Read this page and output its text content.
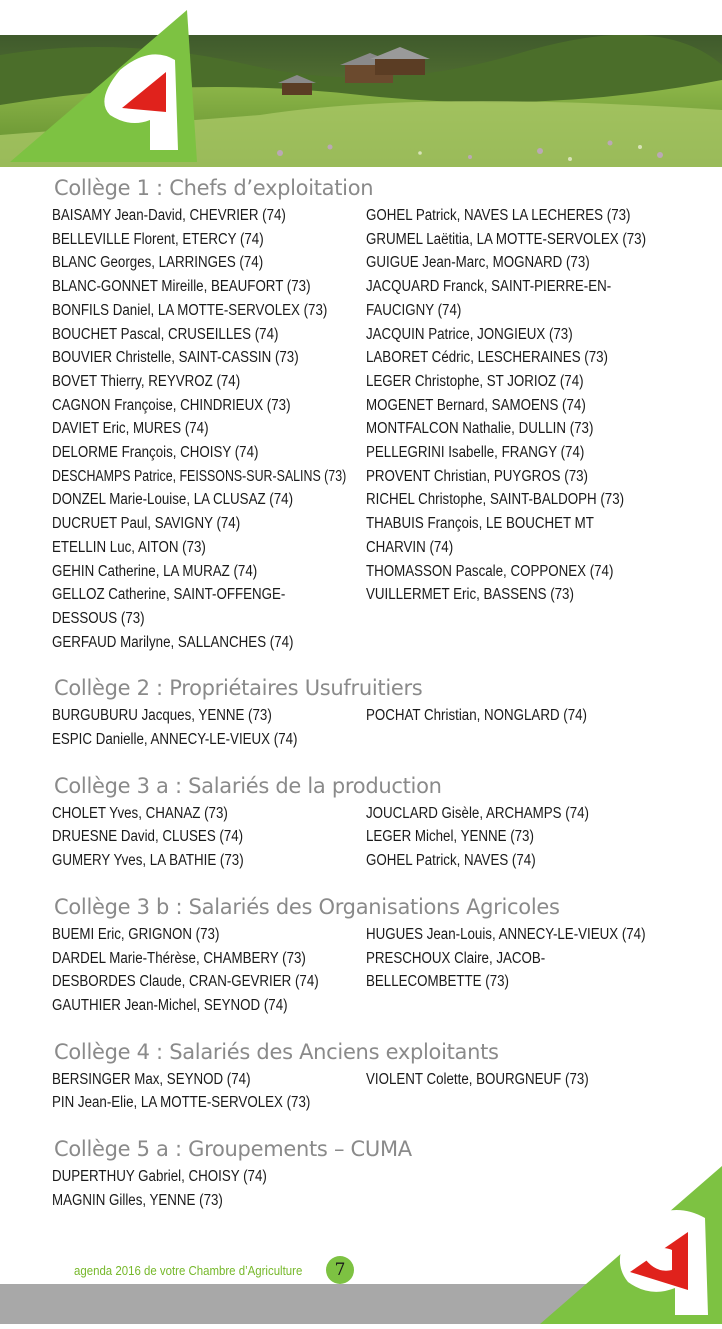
Collège 1 : Chefs d’exploitation
BAISAMY Jean-David, CHEVRIER (74)
BELLEVILLE Florent, ETERCY (74)
BLANC Georges, LARRINGES (74)
BLANC-GONNET Mireille, BEAUFORT (73)
BONFILS Daniel, LA MOTTE-SERVOLEX (73)
BOUCHET Pascal, CRUSEILLES (74)
BOUVIER Christelle, SAINT-CASSIN (73)
BOVET Thierry, REYVROZ (74)
CAGNON Françoise, CHINDRIEUX (73)
DAVIET Eric, MURES (74)
DELORME François, CHOISY (74)
DESCHAMPS Patrice, FEISSONS-SUR-SALINS (73)
DONZEL Marie-Louise, LA CLUSAZ (74)
DUCRUET Paul, SAVIGNY (74)
ETELLIN Luc, AITON (73)
GEHIN Catherine, LA MURAZ (74)
GELLOZ Catherine, SAINT-OFFENGE-
DESSOUS (73)
GERFAUD Marilyne, SALLANCHES (74)
GOHEL Patrick, NAVES LA LECHERES (73)
GRUMEL Laëtitia, LA MOTTE-SERVOLEX (73)
GUIGUE Jean-Marc, MOGNARD (73)
JACQUARD Franck, SAINT-PIERRE-EN-
FAUCIGNY (74)
JACQUIN Patrice, JONGIEUX (73)
LABORET Cédric, LESCHERAINES (73)
LEGER Christophe, ST JORIOZ (74)
MOGENET Bernard, SAMOENS (74)
MONTFALCON Nathalie, DULLIN (73)
PELLEGRINI Isabelle, FRANGY (74)
PROVENT Christian, PUYGROS (73)
RICHEL Christophe, SAINT-BALDOPH (73)
THABUIS François, LE BOUCHET MT
CHARVIN (74)
THOMASSON Pascale, COPPONEX (74)
VUILLERMET Eric, BASSENS (73)
Collège 2 : Propriétaires Usufruitiers
BURGUBURU Jacques, YENNE (73)
ESPIC Danielle, ANNECY-LE-VIEUX (74)
POCHAT Christian, NONGLARD (74)
Collège 3 a : Salariés de la production
CHOLET Yves, CHANAZ (73)
DRUESNE David, CLUSES (74)
GUMERY Yves, LA BATHIE (73)
JOUCLARD Gisèle, ARCHAMPS (74)
LEGER Michel, YENNE (73)
GOHEL Patrick, NAVES (74)
Collège 3 b : Salariés des Organisations Agricoles
BUEMI Eric, GRIGNON (73)
DARDEL Marie-Thérèse, CHAMBERY (73)
DESBORDES Claude, CRAN-GEVRIER (74)
GAUTHIER Jean-Michel, SEYNOD (74)
HUGUES Jean-Louis, ANNECY-LE-VIEUX (74)
PRESCHOUX Claire, JACOB-
BELLECOMBETTE (73)
Collège 4 : Salariés des Anciens exploitants
BERSINGER Max, SEYNOD (74)
PIN Jean-Elie, LA MOTTE-SERVOLEX (73)
VIOLENT Colette, BOURGNEUF (73)
Collège 5 a : Groupements – CUMA
DUPERTHUY Gabriel, CHOISY (74)
MAGNIN Gilles, YENNE (73)
agenda 2016 de votre Chambre d’Agriculture	7
